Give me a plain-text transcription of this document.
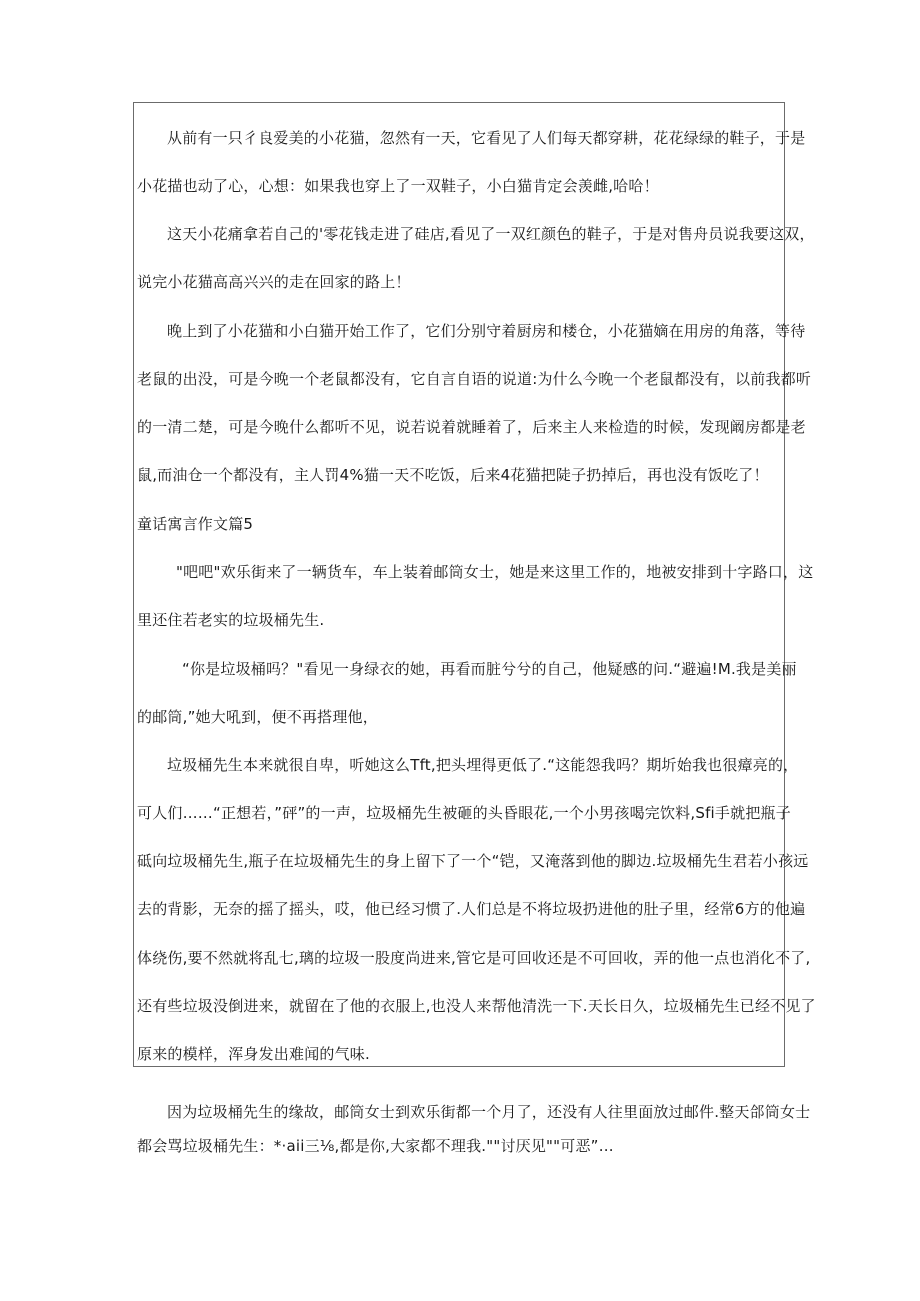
从前有一只彳良爱美的小花猫，忽然有一天，它看见了人们每天都穿耕，花花绿绿的鞋子，于是
小花描也动了心，心想：如果我也穿上了一双鞋子，小白猫肯定会羡雌,哈哈！
这天小花痛拿若自己的'零花钱走进了硅店,看见了一双红颜色的鞋子，于是对售舟员说我要这双，
说完小花猫高高兴兴的走在回家的路上！
晚上到了小花猫和小白猫开始工作了，它们分别守着厨房和楼仓，小花猫嫡在用房的角落，等待
老鼠的出没，可是今晚一个老鼠都没有，它自言自语的说道:为什么今晚一个老鼠都没有，以前我都听
的一清二楚，可是今晚什么都听不见，说若说着就睡着了，后来主人来检造的时候，发现阚房都是老
鼠,而油仓一个都没有，主人罚4%猫一天不吃饭，后来4花猫把陡子扔掉后，再也没有饭吃了！
童话寓言作文篇5
"吧吧"欢乐街来了一辆货车，车上装着邮筒女士，她是来这里工作的，地被安排到十字路口，这
里还住若老实的垃圾桶先生.
“你是垃圾桶吗？"看见一身绿衣的她，再看而脏兮兮的自己，他疑感的问.“避遍!M.我是美丽
的邮筒,”她大吼到，便不再搭理他，
垃圾桶先生本来就很自卑，听她这么Tft,把头埋得更低了.“这能怨我吗？期圻始我也很瘴亮的，
可人们……“正想若，”砰”的一声，垃圾桶先生被砸的头昏眼花,一个小男孩喝完饮料,Sfi手就把瓶子
砥向垃圾桶先生,瓶子在垃圾桶先生的身上留下了一个“铠，又淹落到他的脚边.垃圾桶先生君若小孩远
去的背影，无奈的摇了摇头，哎，他已经习惯了.人们总是不将垃圾扔进他的肚子里，经常6方的他遍
体绕伤,要不然就将乱七,璃的垃圾一股度尚进来,管它是可回收还是不可回收，弄的他一点也消化不了,
还有些垃圾没倒进来，就留在了他的衣服上,也没人来帮他清洗一下.天长日久，垃圾桶先生已经不见了
原来的模样，浑身发出难闻的气味.
因为垃圾桶先生的缘故，邮筒女士到欢乐街都一个月了，还没有人往里面放过邮件.整天郃筒女士
都会骂垃圾桶先生：*·aii三⅛,都是你,大家都不理我.""讨厌见""可恶”…
